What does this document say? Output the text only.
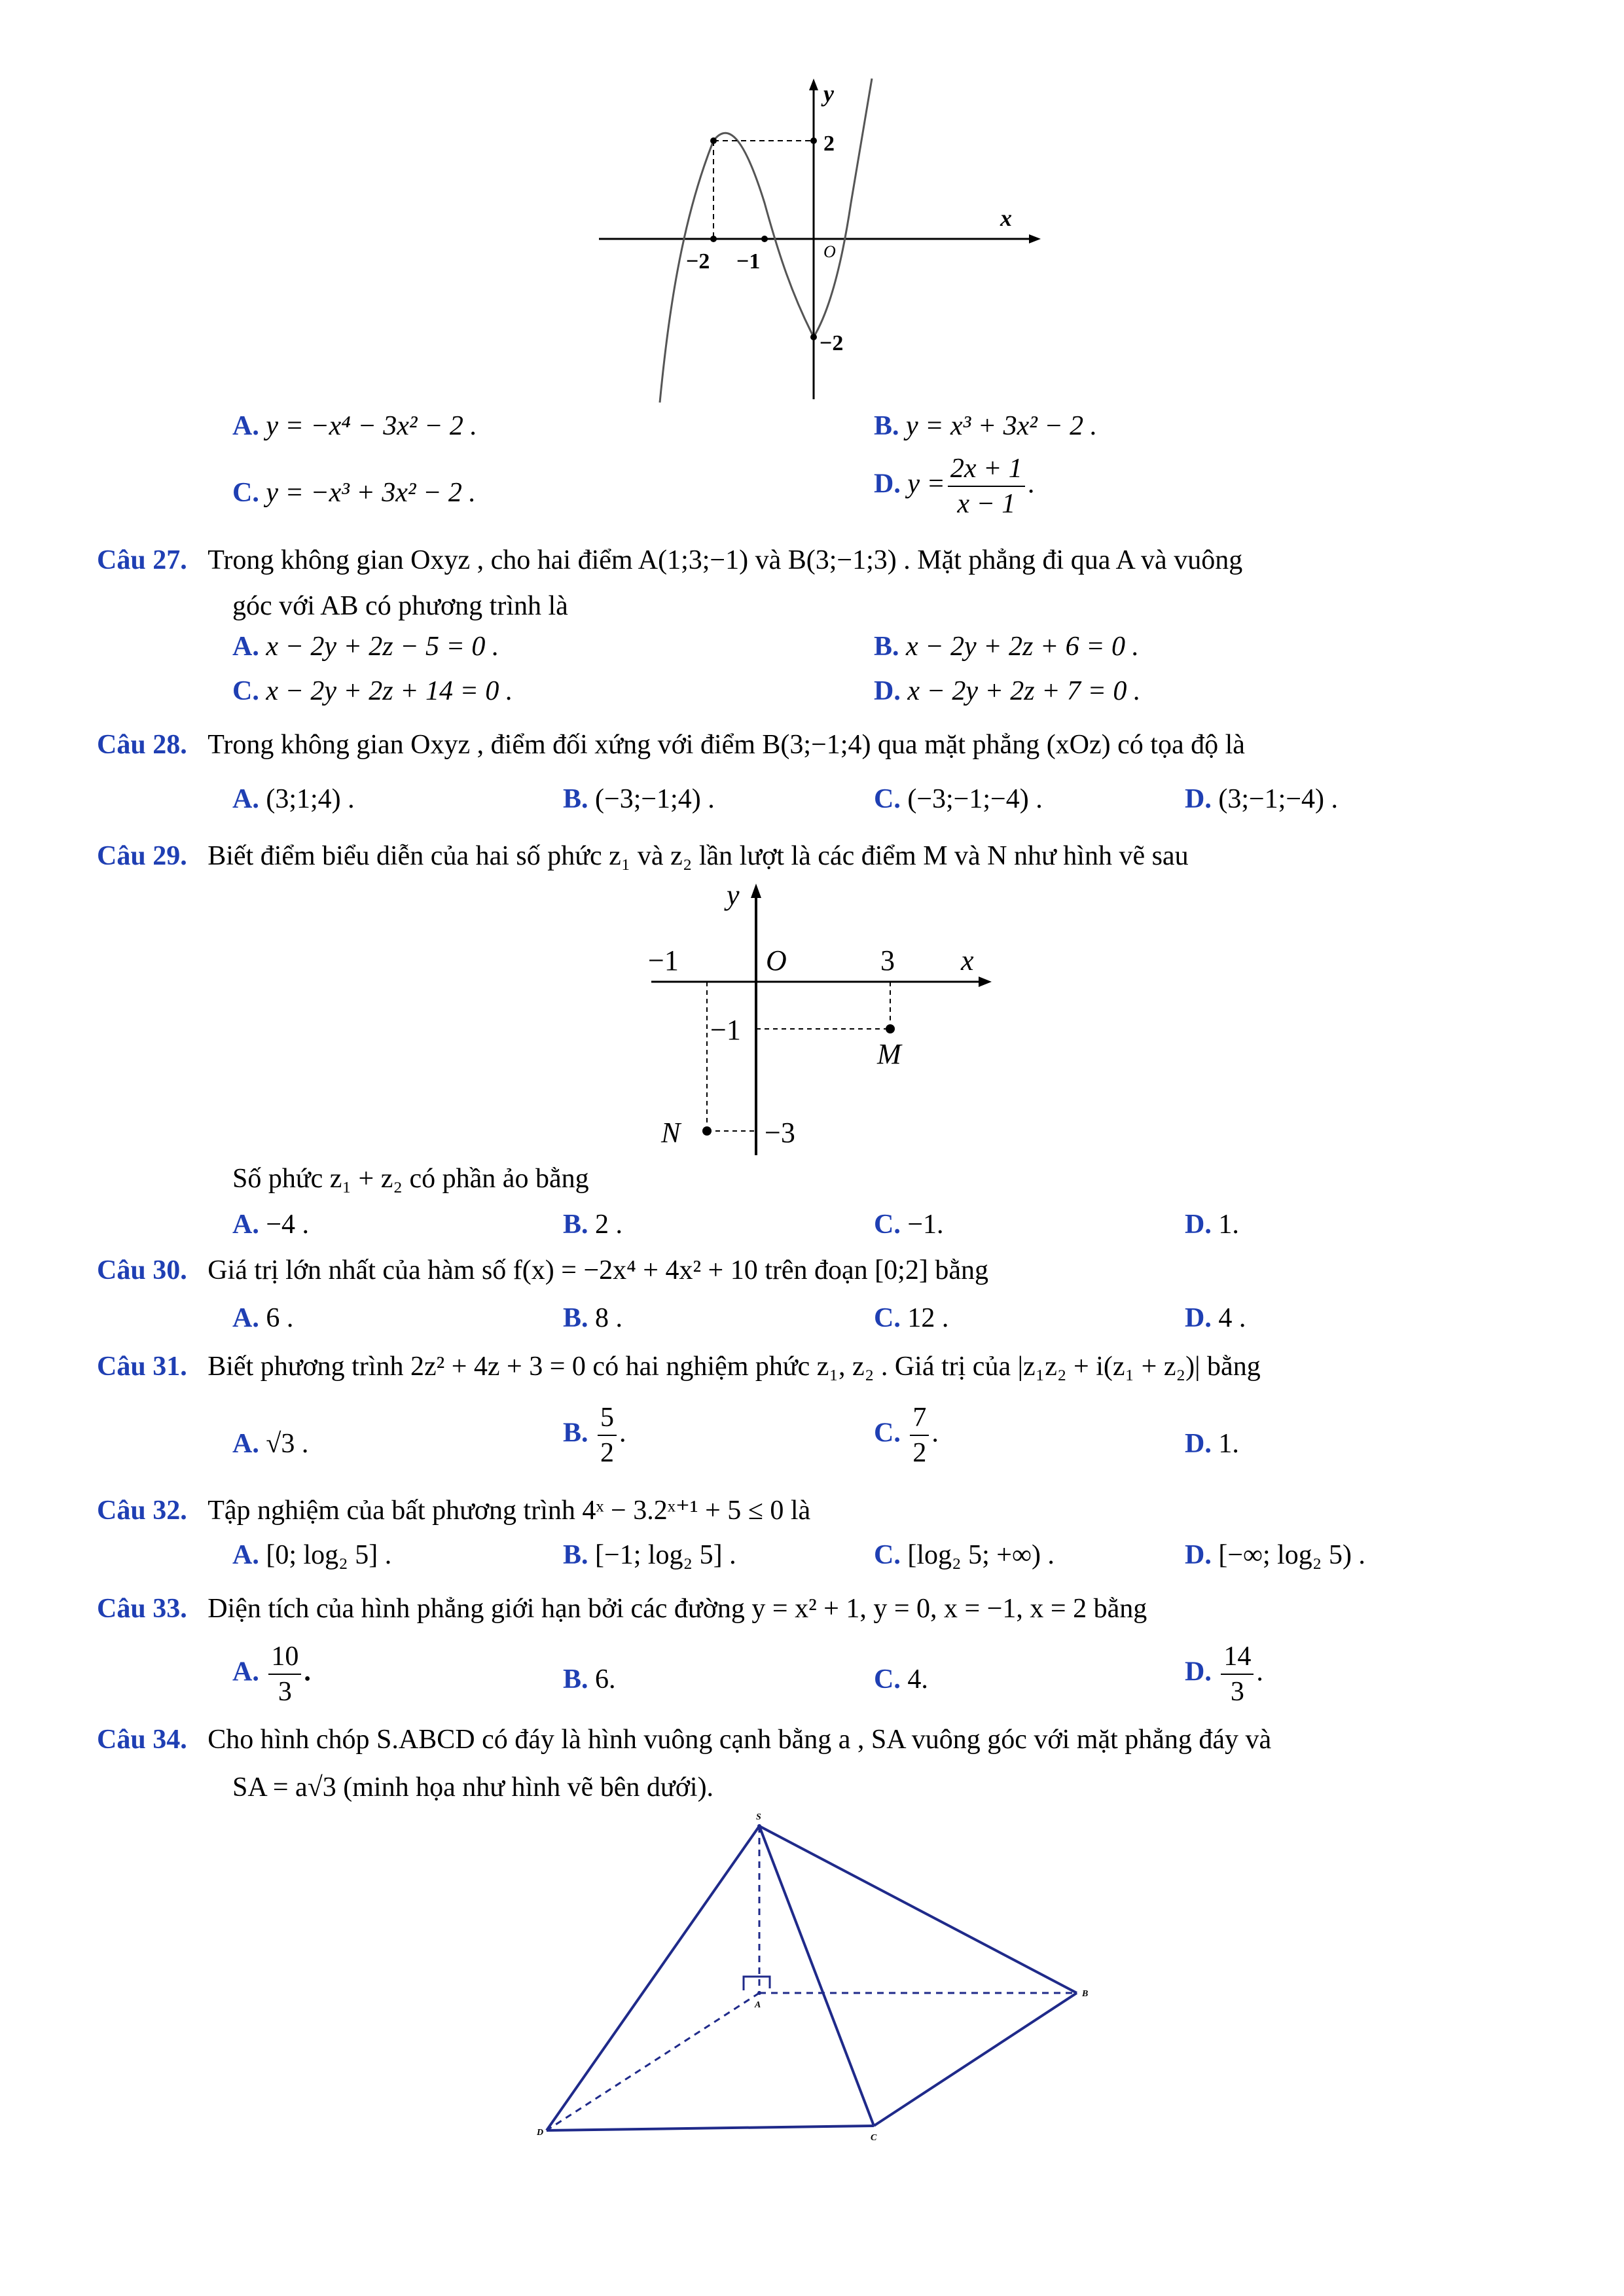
y
x
2
O
−2 −1
−2
A. y = −x⁴ − 3x² − 2 .	B. y = x³ + 3x² − 2 .
C. y = −x³ + 3x² − 2 .	D. $y = \frac{2x + 1}{x - 1}$ .
Câu 27. Trong không gian Oxyz , cho hai điểm A(1;3;−1) và B(3;−1;3) . Mặt phẳng đi qua A và vuông
góc với AB có phương trình là
A. x − 2y + 2z − 5 = 0 .	B. x − 2y + 2z + 6 = 0 .
C. x − 2y + 2z + 14 = 0 .	D. x − 2y + 2z + 7 = 0 .
Câu 28. Trong không gian Oxyz , điểm đối xứng với điểm B(3;−1;4) qua mặt phẳng (xOz) có tọa độ là
A. (3;1;4) .	B. (−3;−1;4) .	C. (−3;−1;−4) .	D. (3;−1;−4) .
Câu 29. Biết điểm biểu diễn của hai số phức z₁ và z₂ lần lượt là các điểm M và N như hình vẽ sau
y
x
O
−1	3
−1
−3
M
N
Số phức z₁ + z₂ có phần ảo bằng
A. −4 .	B. 2 .	C. −1.	D. 1.
Câu 30. Giá trị lớn nhất của hàm số f(x) = −2x⁴ + 4x² + 10 trên đoạn [0;2] bằng
A. 6 .	B. 8 .	C. 12 .	D. 4 .
Câu 31. Biết phương trình 2z² + 4z + 3 = 0 có hai nghiệm phức z₁, z₂ . Giá trị của |z₁z₂ + i(z₁ + z₂)| bằng
A. √3 .	B. $\frac{5}{2}$ .	C. $\frac{7}{2}$ .	D. 1.
Câu 32. Tập nghiệm của bất phương trình 4ˣ − 3.2ˣ⁺¹ + 5 ≤ 0 là
A. [0; log₂ 5] .	B. [−1; log₂ 5] .	C. [log₂ 5; +∞) .	D. [−∞; log₂ 5) .
Câu 33. Diện tích của hình phẳng giới hạn bởi các đường y = x² + 1, y = 0, x = −1, x = 2 bằng
A. $\frac{10}{3}$ .	B. 6.	C. 4.	D. $\frac{14}{3}$ .
Câu 34. Cho hình chóp S.ABCD có đáy là hình vuông cạnh bằng a , SA vuông góc với mặt phẳng đáy và
SA = a√3 (minh họa như hình vẽ bên dưới).
S
A
B
C
D
